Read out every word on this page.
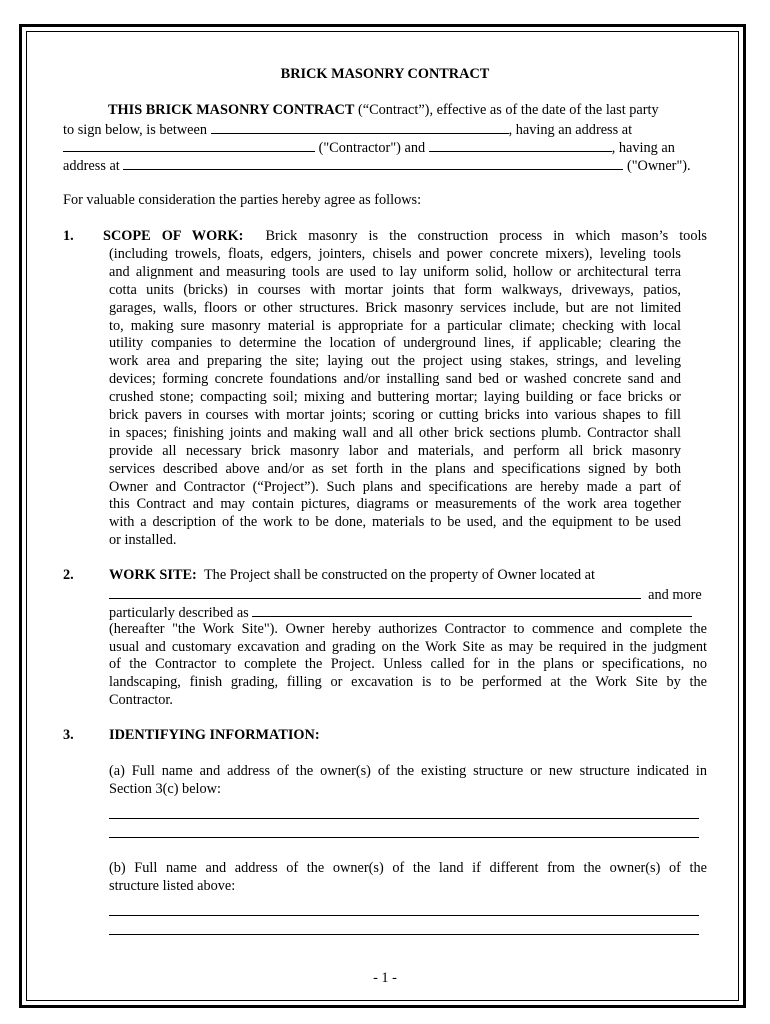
BRICK MASONRY CONTRACT
THIS BRICK MASONRY CONTRACT (“Contract”), effective as of the date of the last party
to sign below, is between	, having an address at
("Contractor") and	, having an
address at	("Owner").
For valuable consideration the parties hereby agree as follows:
1. SCOPE OF WORK: Brick masonry is the construction process in which mason’s tools
(including trowels, floats, edgers, jointers, chisels and power concrete mixers), leveling tools
and alignment and measuring tools are used to lay uniform solid, hollow or architectural terra
cotta units (bricks) in courses with mortar joints that form walkways, driveways, patios,
garages, walls, floors or other structures. Brick masonry services include, but are not limited
to, making sure masonry material is appropriate for a particular climate; checking with local
utility companies to determine the location of underground lines, if applicable; clearing the
work area and preparing the site; laying out the project using stakes, strings, and leveling
devices; forming concrete foundations and/or installing sand bed or washed concrete sand and
crushed stone; compacting soil; mixing and buttering mortar; laying building or face bricks or
brick pavers in courses with mortar joints; scoring or cutting bricks into various shapes to fill
in spaces; finishing joints and making wall and all other brick sections plumb. Contractor shall
provide all necessary brick masonry labor and materials, and perform all brick masonry
services described above and/or as set forth in the plans and specifications signed by both
Owner and Contractor (“Project”). Such plans and specifications are hereby made a part of
this Contract and may contain pictures, diagrams or measurements of the work area together
with a description of the work to be done, materials to be used, and the equipment to be used
or installed.
2. WORK SITE: The Project shall be constructed on the property of Owner located at
and more
particularly described as
(hereafter "the Work Site"). Owner hereby authorizes Contractor to commence and complete the
usual and customary excavation and grading on the Work Site as may be required in the judgment
of the Contractor to complete the Project. Unless called for in the plans or specifications, no
landscaping, finish grading, filling or excavation is to be performed at the Work Site by the
Contractor.
3. IDENTIFYING INFORMATION:
(a) Full name and address of the owner(s) of the existing structure or new structure indicated in
Section 3(c) below:
(b) Full name and address of the owner(s) of the land if different from the owner(s) of the
structure listed above:
- 1 -
